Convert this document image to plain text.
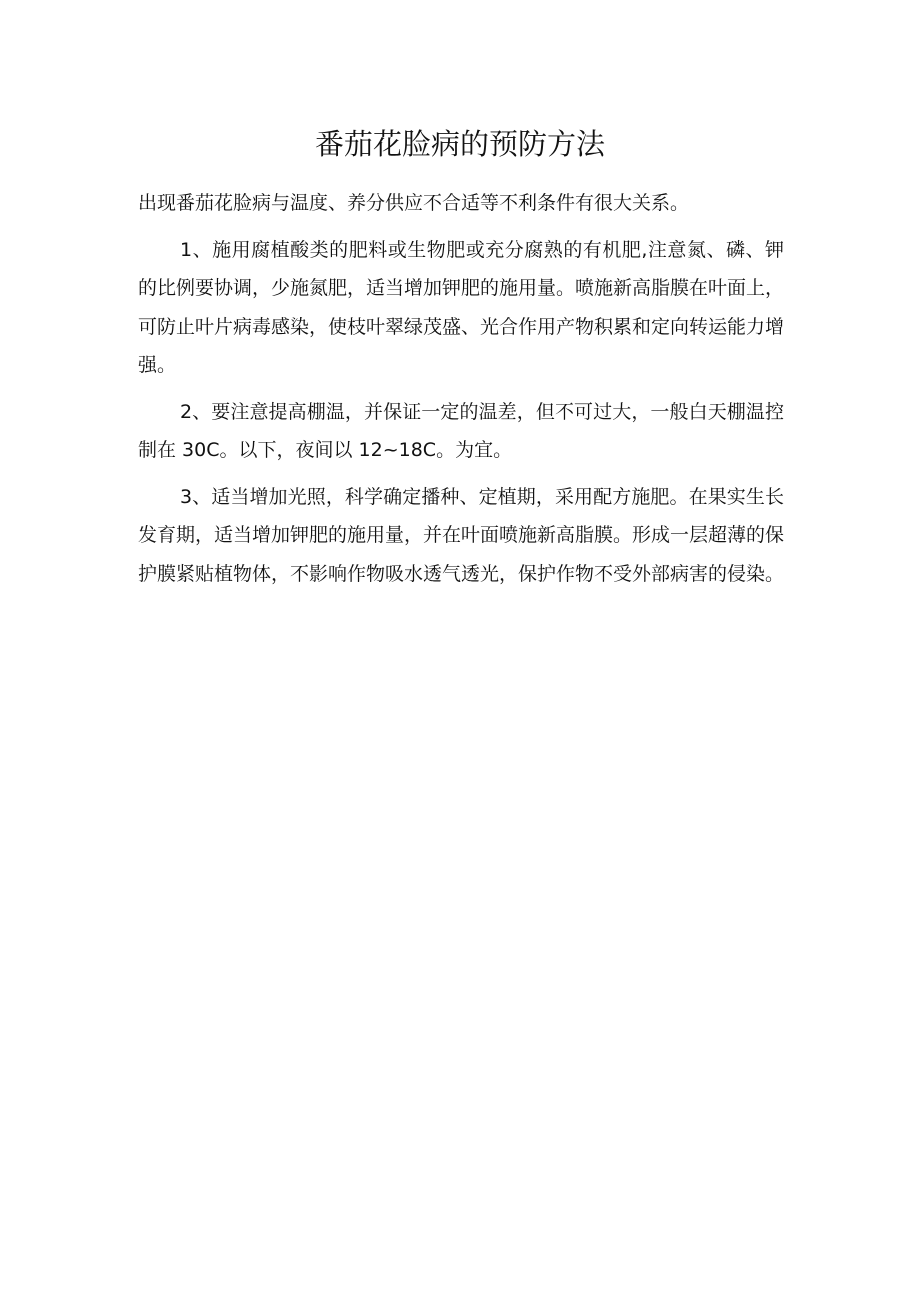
番茄花脸病的预防方法

出现番茄花脸病与温度、养分供应不合适等不利条件有很大关系。

1、施用腐植酸类的肥料或生物肥或充分腐熟的有机肥,注意氮、磷、钾的比例要协调，少施氮肥，适当增加钾肥的施用量。喷施新高脂膜在叶面上，可防止叶片病毒感染，使枝叶翠绿茂盛、光合作用产物积累和定向转运能力增强。

2、要注意提高棚温，并保证一定的温差，但不可过大，一般白天棚温控制在 30C。以下，夜间以 12~18C。为宜。

3、适当增加光照，科学确定播种、定植期，采用配方施肥。在果实生长发育期，适当增加钾肥的施用量，并在叶面喷施新高脂膜。形成一层超薄的保护膜紧贴植物体，不影响作物吸水透气透光，保护作物不受外部病害的侵染。
